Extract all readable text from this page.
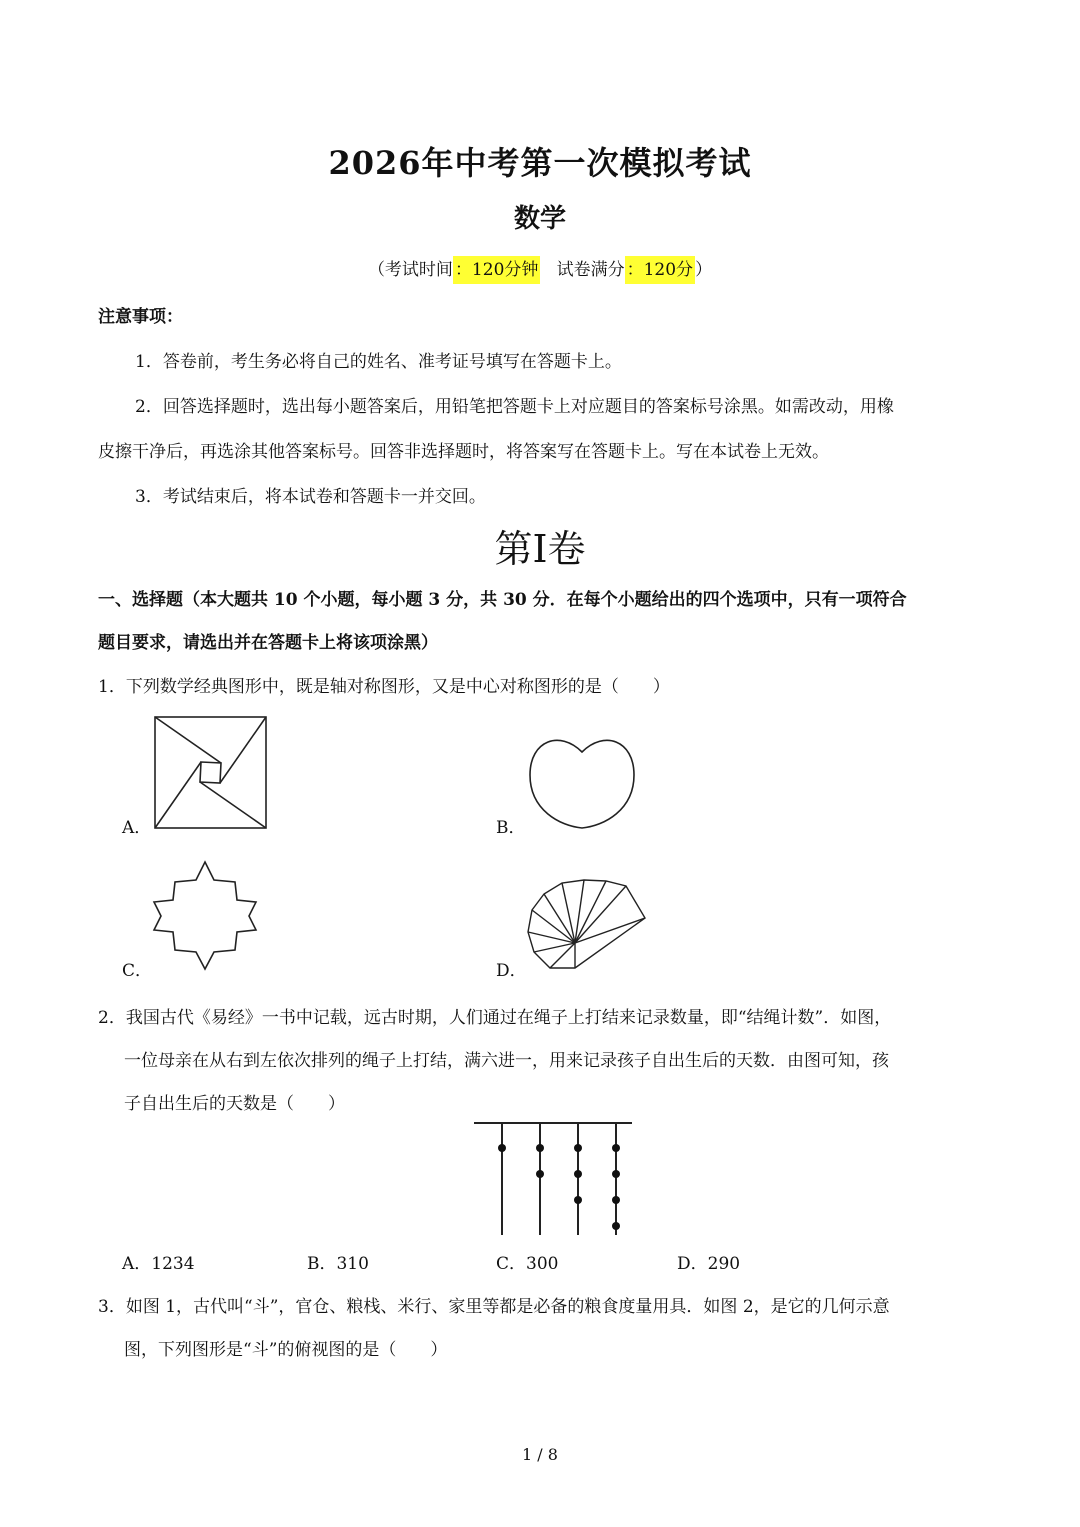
2026年中考第一次模拟考试
数学
（考试时间 ：120分钟 试卷满分 ：120分 ）
注意事项：
1．答卷前，考生务必将自己的姓名、准考证号填写在答题卡上。
2．回答选择题时，选出每小题答案后，用铅笔把答题卡上对应题目的答案标号涂黑。如需改动，用橡
皮擦干净后，再选涂其他答案标号。回答非选择题时，将答案写在答题卡上。写在本试卷上无效。
3．考试结束后，将本试卷和答题卡一并交回。
第I卷
一、选择题（本大题共 10 个小题，每小题 3 分，共 30 分．在每个小题给出的四个选项中，只有一项符合
题目要求，请选出并在答题卡上将该项涂黑）
1．下列数学经典图形中，既是轴对称图形，又是中心对称图形的是（　　）
A．	B．
C．	D．
2．我国古代《易经》一书中记载，远古时期，人们通过在绳子上打结来记录数量，即“结绳计数”．如图，
一位母亲在从右到左依次排列的绳子上打结，满六进一，用来记录孩子自出生后的天数．由图可知，孩
子自出生后的天数是（　　）
A．1234	B．310	C．300	D．290
3．如图 1，古代叫“斗”，官仓、粮栈、米行、家里等都是必备的粮食度量用具．如图 2，是它的几何示意
图，下列图形是“斗”的俯视图的是（　　）
1 / 8
